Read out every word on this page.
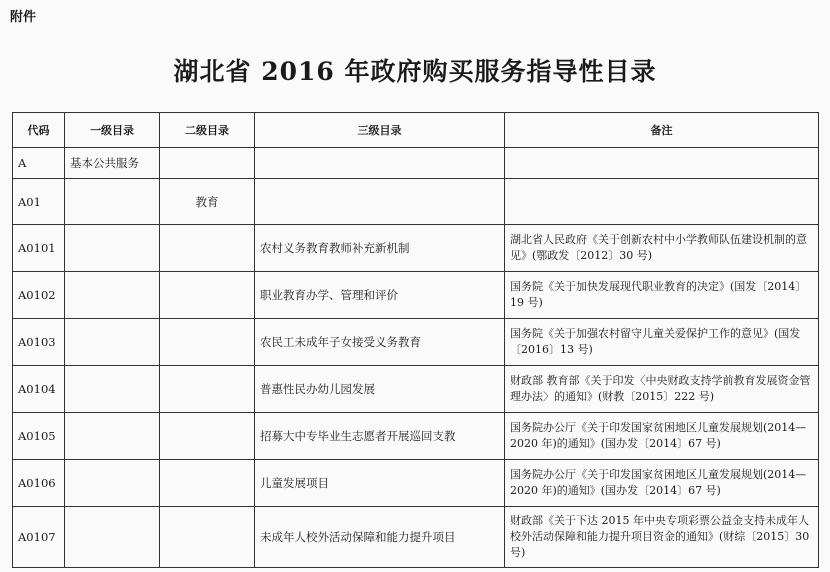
附件
湖北省 2016 年政府购买服务指导性目录
代码	一级目录	二级目录	三级目录	备注
A	基本公共服务			
A01		教育		
A0101			农村义务教育教师补充新机制	湖北省人民政府《关于创新农村中小学教师队伍建设机制的意见》(鄂政发〔2012〕30 号)
A0102			职业教育办学、管理和评价	国务院《关于加快发展现代职业教育的决定》(国发〔2014〕19 号)
A0103			农民工未成年子女接受义务教育	国务院《关于加强农村留守儿童关爱保护工作的意见》(国发〔2016〕13 号)
A0104			普惠性民办幼儿园发展	财政部 教育部《关于印发〈中央财政支持学前教育发展资金管理办法〉的通知》(财教〔2015〕222 号)
A0105			招募大中专毕业生志愿者开展巡回支教	国务院办公厅《关于印发国家贫困地区儿童发展规划(2014—2020 年)的通知》(国办发〔2014〕67 号)
A0106			儿童发展项目	国务院办公厅《关于印发国家贫困地区儿童发展规划(2014—2020 年)的通知》(国办发〔2014〕67 号)
A0107			未成年人校外活动保障和能力提升项目	财政部《关于下达 2015 年中央专项彩票公益金支持未成年人校外活动保障和能力提升项目资金的通知》(财综〔2015〕30 号)
